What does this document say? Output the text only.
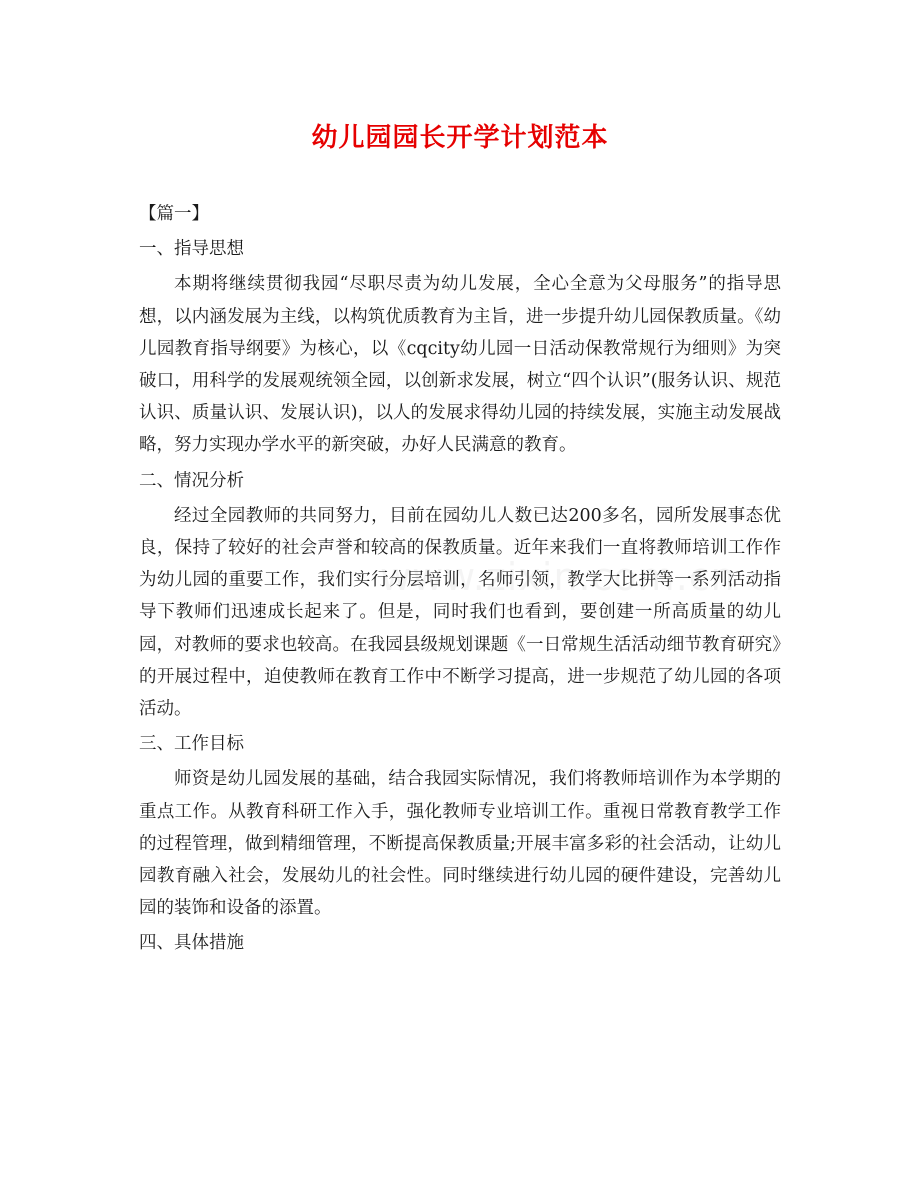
幼儿园园长开学计划范本

【篇一】

一、指导思想

本期将继续贯彻我园“尽职尽责为幼儿发展，全心全意为父母服务”的指导思想，以内涵发展为主线，以构筑优质教育为主旨，进一步提升幼儿园保教质量。《幼儿园教育指导纲要》为核心，以《cqcity幼儿园一日活动保教常规行为细则》为突破口，用科学的发展观统领全园，以创新求发展，树立“四个认识”(服务认识、规范认识、质量认识、发展认识)，以人的发展求得幼儿园的持续发展，实施主动发展战略，努力实现办学水平的新突破，办好人民满意的教育。

二、情况分析

经过全园教师的共同努力，目前在园幼儿人数已达200多名，园所发展事态优良，保持了较好的社会声誉和较高的保教质量。近年来我们一直将教师培训工作作为幼儿园的重要工作，我们实行分层培训，名师引领，教学大比拼等一系列活动指导下教师们迅速成长起来了。但是，同时我们也看到，要创建一所高质量的幼儿园，对教师的要求也较高。在我园县级规划课题《一日常规生活活动细节教育研究》的开展过程中，迫使教师在教育工作中不断学习提高，进一步规范了幼儿园的各项活动。

三、工作目标

师资是幼儿园发展的基础，结合我园实际情况，我们将教师培训作为本学期的重点工作。从教育科研工作入手，强化教师专业培训工作。重视日常教育教学工作的过程管理，做到精细管理，不断提高保教质量;开展丰富多彩的社会活动，让幼儿园教育融入社会，发展幼儿的社会性。同时继续进行幼儿园的硬件建设，完善幼儿园的装饰和设备的添置。

四、具体措施
